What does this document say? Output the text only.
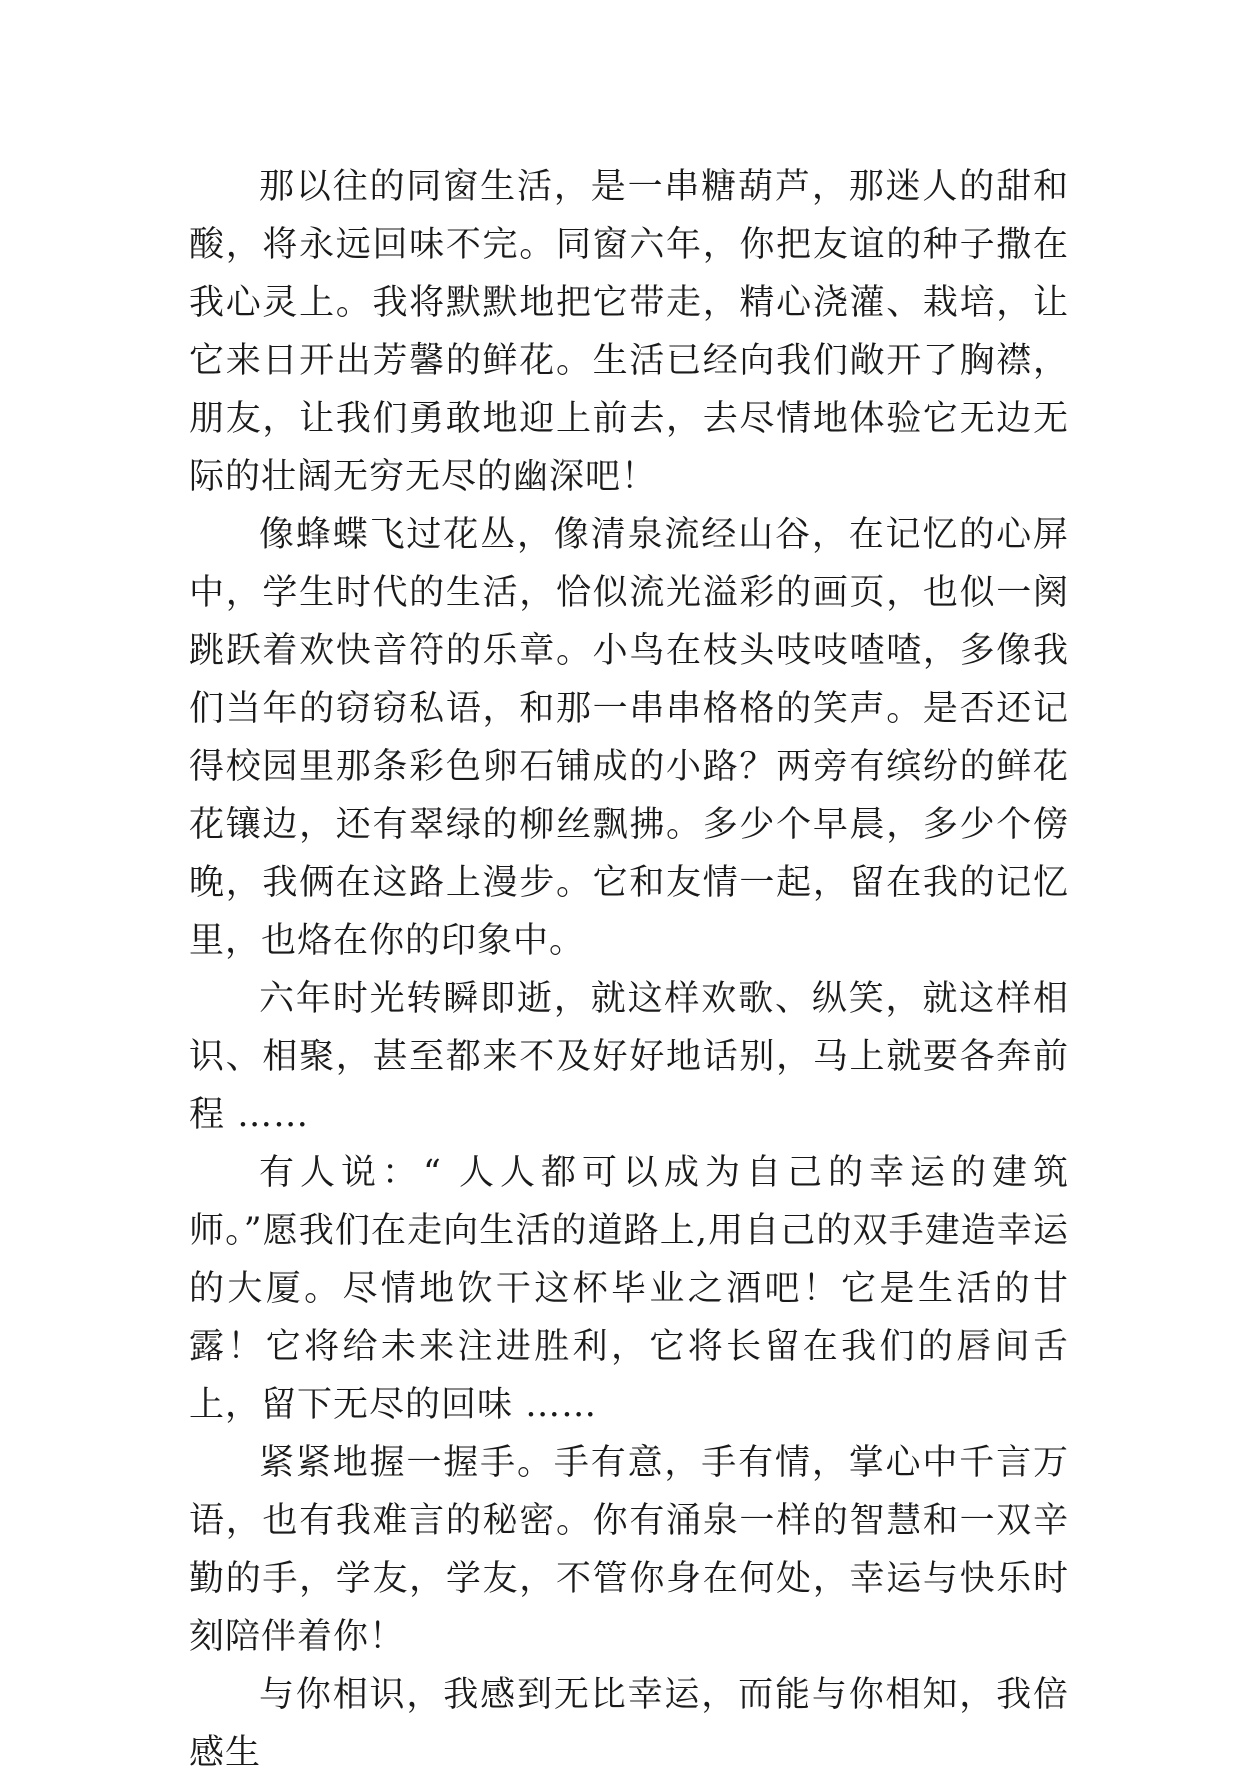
那以往的同窗生活，是一串糖葫芦，那迷人的甜和酸，将永远回味不完。同窗六年，你把友谊的种子撒在我心灵上。我将默默地把它带走，精心浇灌、栽培，让它来日开出芳馨的鲜花。生活已经向我们敞开了胸襟，朋友，让我们勇敢地迎上前去，去尽情地体验它无边无际的壮阔无穷无尽的幽深吧！

像蜂蝶飞过花丛，像清泉流经山谷，在记忆的心屏中，学生时代的生活，恰似流光溢彩的画页，也似一阕跳跃着欢快音符的乐章。小鸟在枝头吱吱喳喳，多像我们当年的窃窃私语，和那一串串格格的笑声。是否还记得校园里那条彩色卵石铺成的小路？两旁有缤纷的鲜花花镶边，还有翠绿的柳丝飘拂。多少个早晨，多少个傍晚，我俩在这路上漫步。它和友情一起，留在我的记忆里，也烙在你的印象中。

六年时光转瞬即逝，就这样欢歌、纵笑，就这样相识、相聚，甚至都来不及好好地话别，马上就要各奔前程 ……

有人说：“ 人人都可以成为自己的幸运的建筑师。”愿我们在走向生活的道路上,用自己的双手建造幸运的大厦。尽情地饮干这杯毕业之酒吧！它是生活的甘露！它将给未来注进胜利，它将长留在我们的唇间舌上，留下无尽的回味 ……

紧紧地握一握手。手有意，手有情，掌心中千言万语，也有我难言的秘密。你有涌泉一样的智慧和一双辛勤的手，学友，学友，不管你身在何处，幸运与快乐时刻陪伴着你！

与你相识，我感到无比幸运，而能与你相知，我倍感生
